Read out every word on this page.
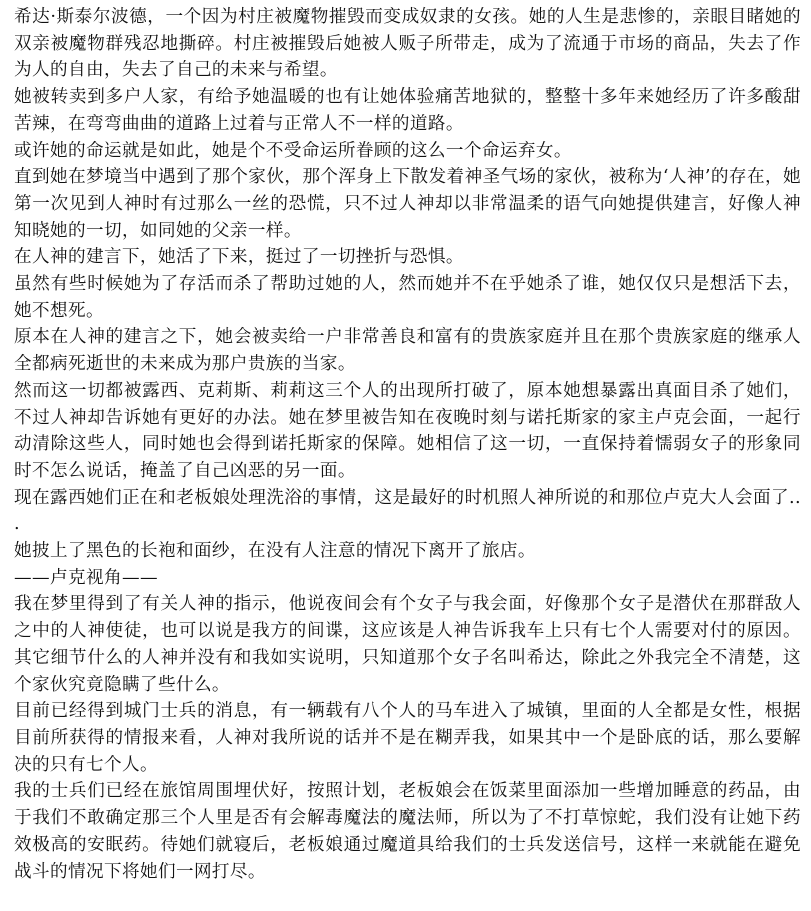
希达·斯泰尔波德，一个因为村庄被魔物摧毁而变成奴隶的女孩。她的人生是悲惨的，亲眼目睹她的双亲被魔物群残忍地撕碎。村庄被摧毁后她被人贩子所带走，成为了流通于市场的商品，失去了作为人的自由，失去了自己的未来与希望。

她被转卖到多户人家，有给予她温暖的也有让她体验痛苦地狱的，整整十多年来她经历了许多酸甜苦辣，在弯弯曲曲的道路上过着与正常人不一样的道路。

或许她的命运就是如此，她是个不受命运所眷顾的这么一个命运弃女。

直到她在梦境当中遇到了那个家伙，那个浑身上下散发着神圣气场的家伙，被称为‘人神’的存在，她第一次见到人神时有过那么一丝的恐慌，只不过人神却以非常温柔的语气向她提供建言，好像人神知晓她的一切，如同她的父亲一样。

在人神的建言下，她活了下来，挺过了一切挫折与恐惧。

虽然有些时候她为了存活而杀了帮助过她的人，然而她并不在乎她杀了谁，她仅仅只是想活下去，她不想死。

原本在人神的建言之下，她会被卖给一户非常善良和富有的贵族家庭并且在那个贵族家庭的继承人全都病死逝世的未来成为那户贵族的当家。

然而这一切都被露西、克莉斯、莉莉这三个人的出现所打破了，原本她想暴露出真面目杀了她们，不过人神却告诉她有更好的办法。她在梦里被告知在夜晚时刻与诺托斯家的家主卢克会面，一起行动清除这些人，同时她也会得到诺托斯家的保障。她相信了这一切，一直保持着懦弱女子的形象同时不怎么说话，掩盖了自己凶恶的另一面。

现在露西她们正在和老板娘处理洗浴的事情，这是最好的时机照人神所说的和那位卢克大人会面了...

她披上了黑色的长袍和面纱，在没有人注意的情况下离开了旅店。

——卢克视角——

我在梦里得到了有关人神的指示，他说夜间会有个女子与我会面，好像那个女子是潜伏在那群敌人之中的人神使徒，也可以说是我方的间谍，这应该是人神告诉我车上只有七个人需要对付的原因。其它细节什么的人神并没有和我如实说明，只知道那个女子名叫希达，除此之外我完全不清楚，这个家伙究竟隐瞒了些什么。

目前已经得到城门士兵的消息，有一辆载有八个人的马车进入了城镇，里面的人全都是女性，根据目前所获得的情报来看，人神对我所说的话并不是在糊弄我，如果其中一个是卧底的话，那么要解决的只有七个人。

我的士兵们已经在旅馆周围埋伏好，按照计划，老板娘会在饭菜里面添加一些增加睡意的药品，由于我们不敢确定那三个人里是否有会解毒魔法的魔法师，所以为了不打草惊蛇，我们没有让她下药效极高的安眠药。待她们就寝后，老板娘通过魔道具给我们的士兵发送信号，这样一来就能在避免战斗的情况下将她们一网打尽。
